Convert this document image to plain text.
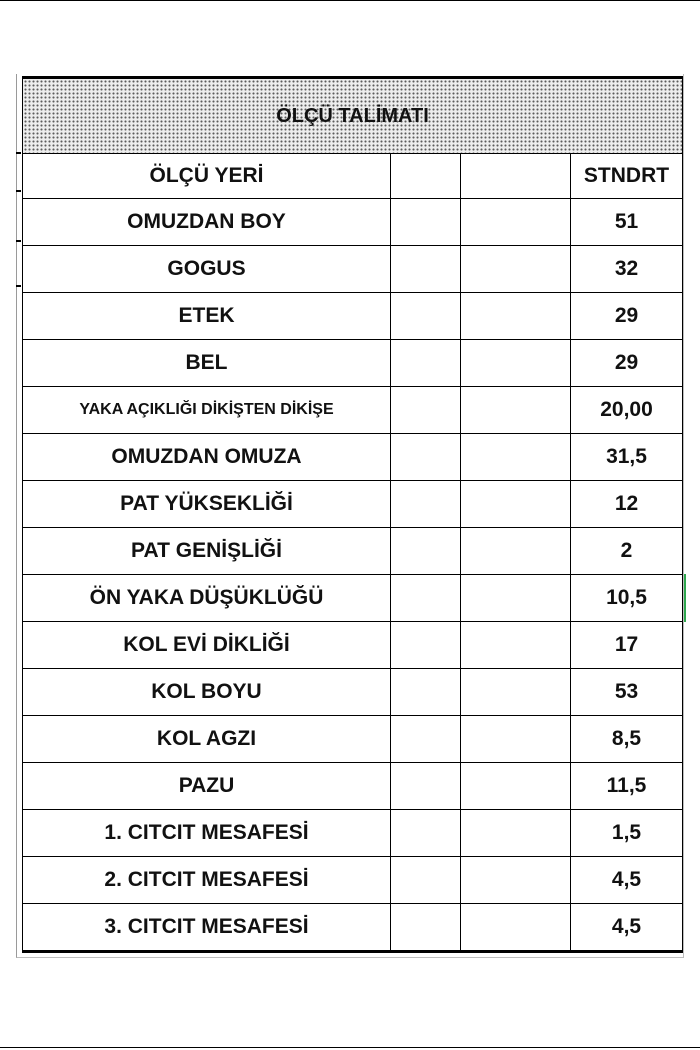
ÖLÇÜ TALİMATI			
ÖLÇÜ YERİ			STNDRT
OMUZDAN BOY			51
GOGUS			32
ETEK			29
BEL			29
YAKA AÇIKLIĞI DİKİŞTEN DİKİŞE			20,00
OMUZDAN OMUZA			31,5
PAT YÜKSEKLİĞİ			12
PAT GENİŞLİĞİ			2
ÖN YAKA DÜŞÜKLÜĞÜ			10,5
KOL EVİ DİKLİĞİ			17
KOL BOYU			53
KOL AGZI			8,5
PAZU			11,5
1. CITCIT MESAFESİ			1,5
2. CITCIT MESAFESİ			4,5
3. CITCIT MESAFESİ			4,5
